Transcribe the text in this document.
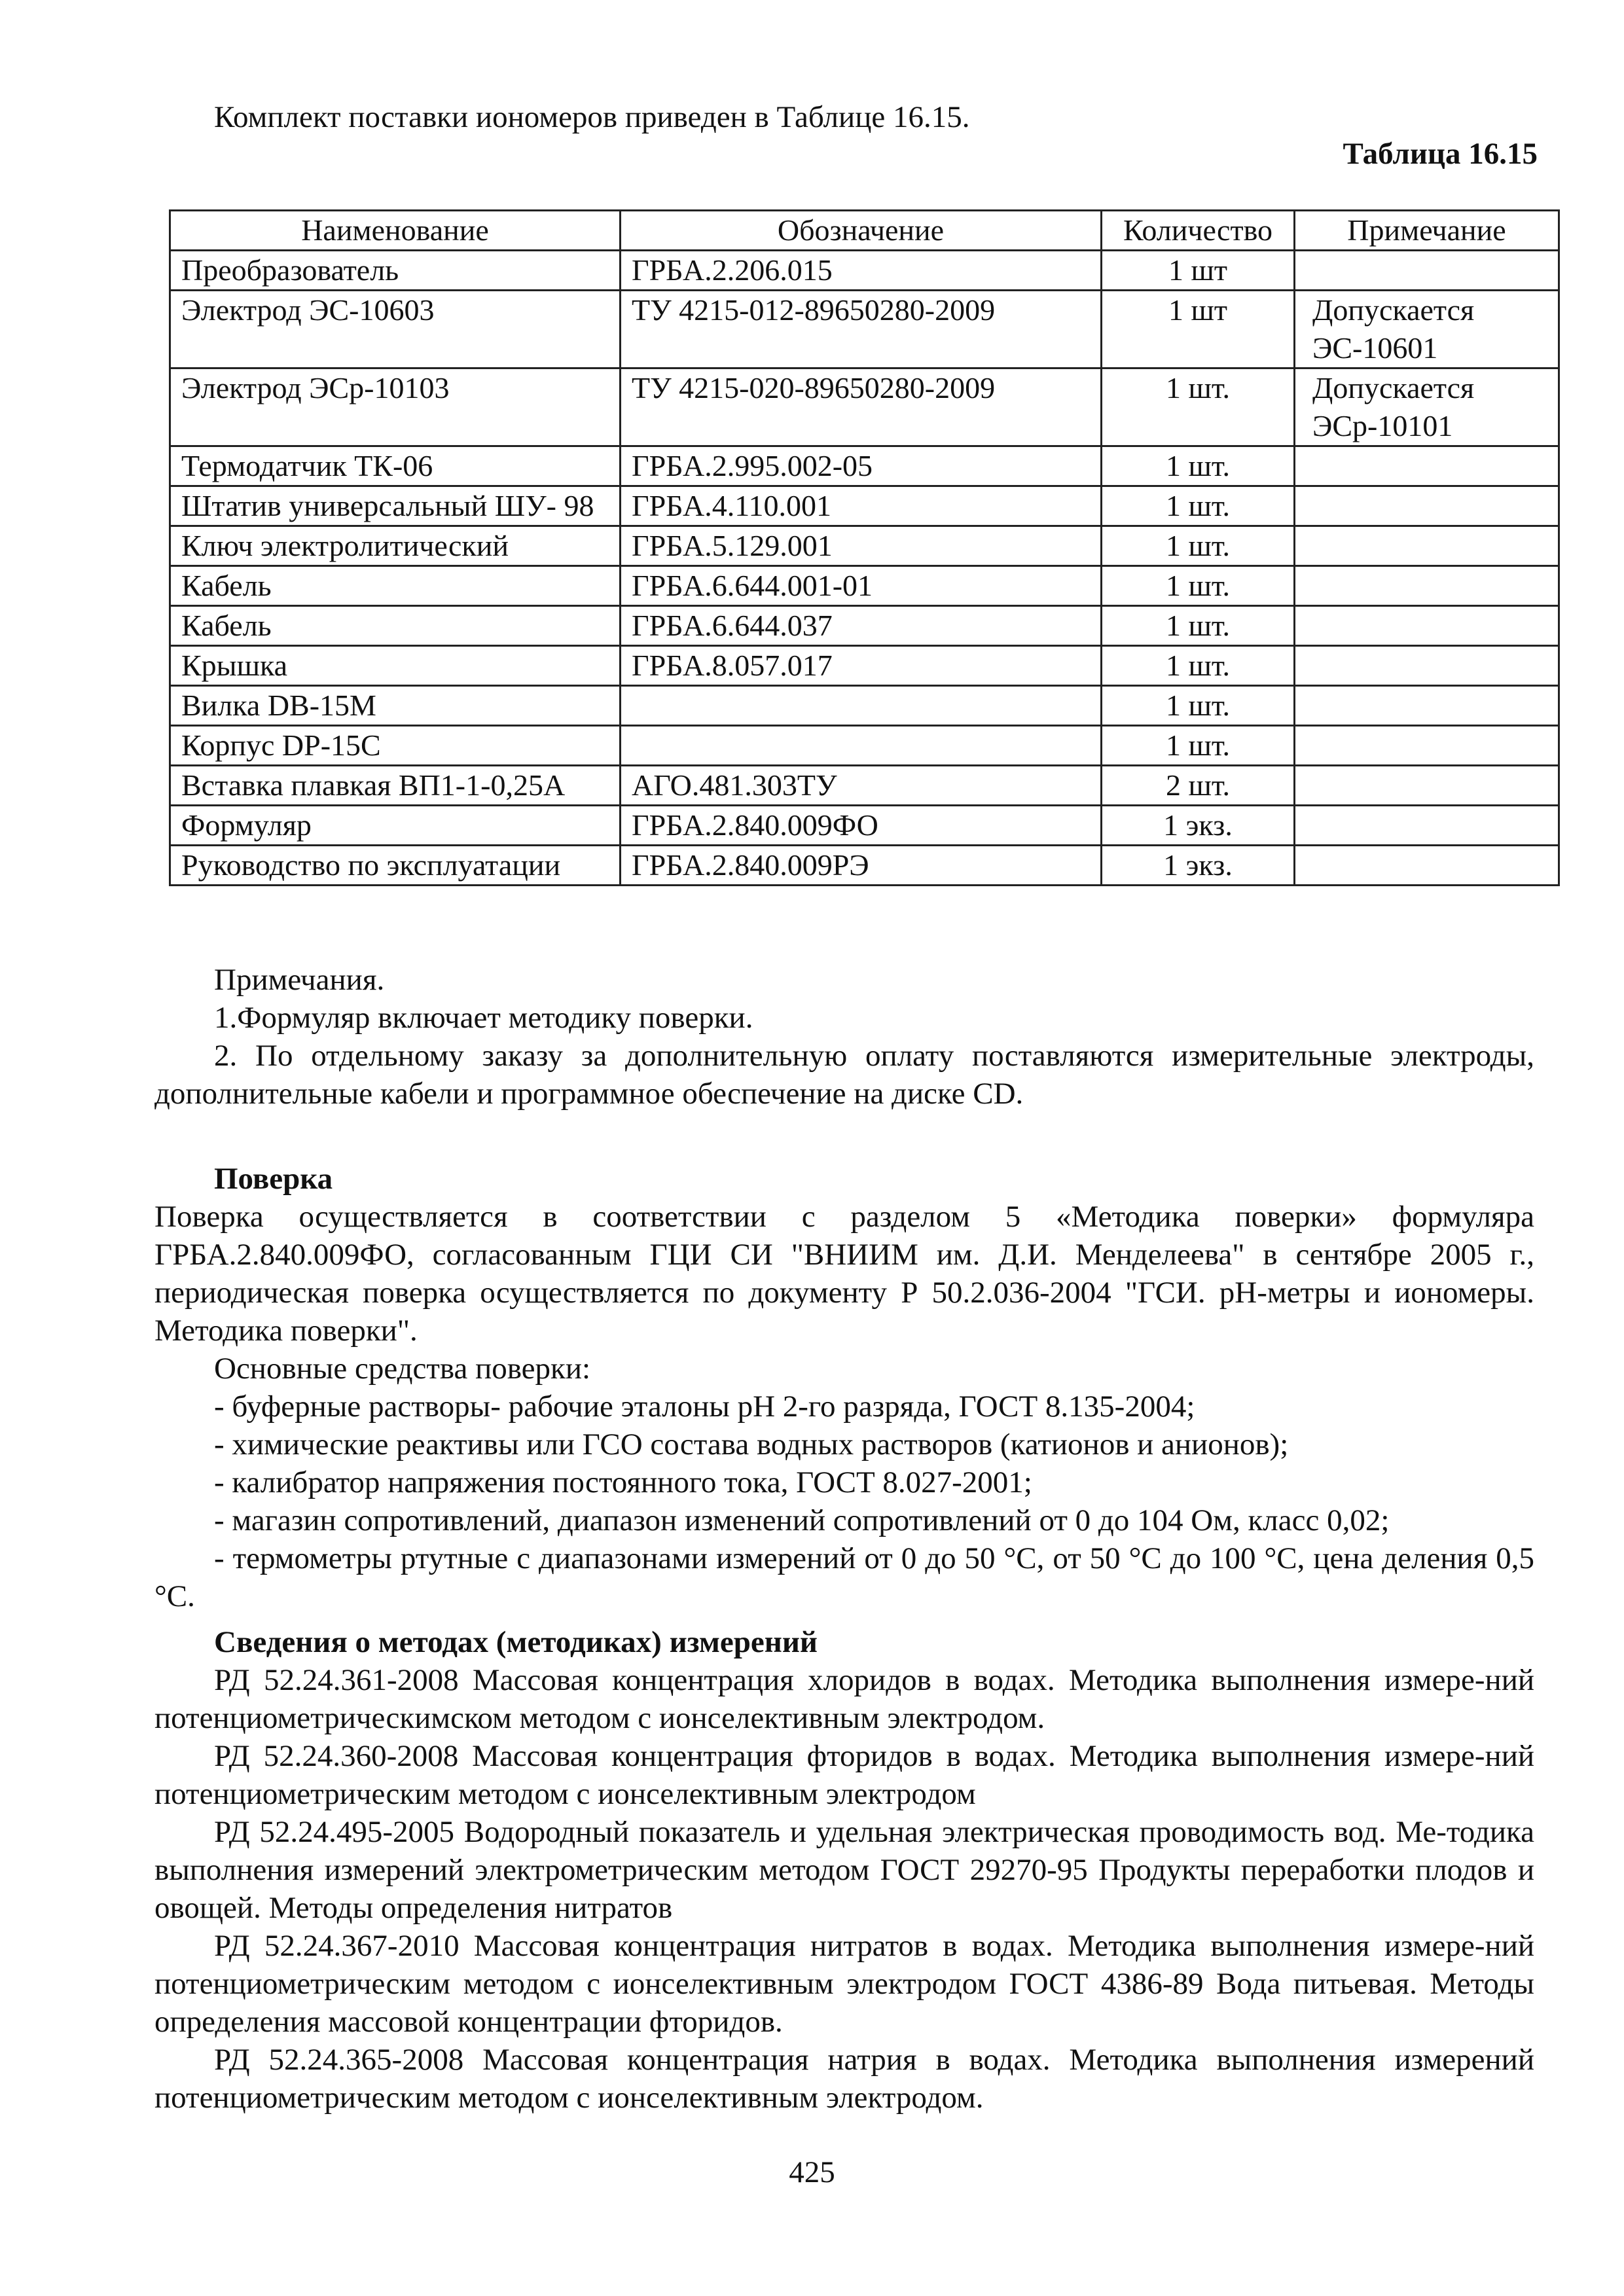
Комплект поставки иономеров приведен в Таблице 16.15.
Таблица 16.15
Наименование	Обозначение	Количество	Примечание
Преобразователь	ГРБА.2.206.015	1 шт	
Электрод ЭС-10603	ТУ 4215-012-89650280-2009	1 шт	Допускается ЭС-10601
Электрод ЭСр-10103	ТУ 4215-020-89650280-2009	1 шт.	Допускается ЭСр-10101
Термодатчик ТК-06	ГРБА.2.995.002-05	1 шт.	
Штатив универсальный ШУ- 98	ГРБА.4.110.001	1 шт.	
Ключ электролитический	ГРБА.5.129.001	1 шт.	
Кабель	ГРБА.6.644.001-01	1 шт.	
Кабель	ГРБА.6.644.037	1 шт.	
Крышка	ГРБА.8.057.017	1 шт.	
Вилка DB-15M		1 шт.	
Корпус DP-15C		1 шт.	
Вставка плавкая ВП1-1-0,25А	АГО.481.303ТУ	2 шт.	
Формуляр	ГРБА.2.840.009ФО	1 экз.	
Руководство по эксплуатации	ГРБА.2.840.009РЭ	1 экз.	
Примечания.
1.Формуляр включает методику поверки.
2. По отдельному заказу за дополнительную оплату поставляются измерительные электроды, дополнительные кабели и программное обеспечение на диске CD.
Поверка
Поверка осуществляется в соответствии с разделом 5 «Методика поверки» формуляра ГРБА.2.840.009ФО, согласованным ГЦИ СИ "ВНИИМ им. Д.И. Менделеева" в сентябре 2005 г., периодическая поверка осуществляется по документу Р 50.2.036-2004 "ГСИ. pH-метры и иономеры. Методика поверки".
Основные средства поверки:
- буферные растворы- рабочие эталоны pH 2-го разряда, ГОСТ 8.135-2004;
- химические реактивы или ГСО состава водных растворов (катионов и анионов);
- калибратор напряжения постоянного тока, ГОСТ 8.027-2001;
- магазин сопротивлений, диапазон изменений сопротивлений от 0 до 104 Ом, класс 0,02;
- термометры ртутные с диапазонами измерений от 0 до 50 °С, от 50 °С до 100 °С, цена деления 0,5 °С.
Сведения о методах (методиках) измерений
РД 52.24.361-2008 Массовая концентрация хлоридов в водах. Методика выполнения измере-ний потенциометрическимском методом с ионселективным электродом.
РД 52.24.360-2008 Массовая концентрация фторидов в водах. Методика выполнения измере-ний потенциометрическим методом с ионселективным электродом
РД 52.24.495-2005 Водородный показатель и удельная электрическая проводимость вод. Ме-тодика выполнения измерений электрометрическим методом ГОСТ 29270-95 Продукты переработки плодов и овощей. Методы определения нитратов
РД 52.24.367-2010 Массовая концентрация нитратов в водах. Методика выполнения измере-ний потенциометрическим методом с ионселективным электродом ГОСТ 4386-89 Вода питьевая. Методы определения массовой концентрации фторидов.
РД 52.24.365-2008 Массовая концентрация натрия в водах. Методика выполнения измерений потенциометрическим методом с ионселективным электродом.
425
